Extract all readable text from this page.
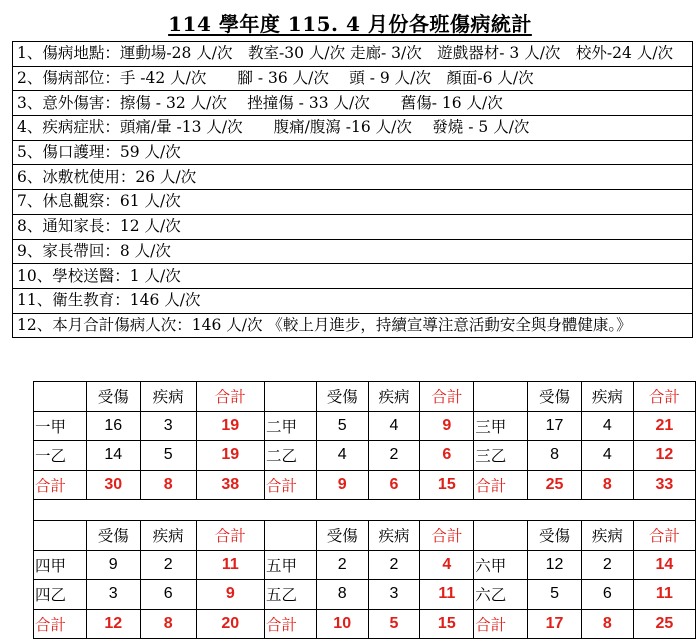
114 學年度 115. 4 月份各班傷病統計
1、傷病地點：運動場-28 人/次　教室-30 人/次 走廊- 3/次　遊戲器材- 3 人/次　校外-24 人/次
2、傷病部位：手 -42 人/次　　腳 - 36 人/次　 頭 - 9 人/次　顏面-6 人/次
3、意外傷害：擦傷 - 32 人/次　 挫撞傷 - 33 人/次　　舊傷- 16 人/次
4、疾病症狀：頭痛/暈 -13 人/次　　腹痛/腹瀉 -16 人/次　 發燒 - 5 人/次
5、傷口護理：59 人/次
6、冰敷枕使用：26 人/次
7、休息觀察：61 人/次
8、通知家長：12 人/次
9、家長帶回：8 人/次
10、學校送醫：1 人/次
11、衛生教育：146 人/次
12、本月合計傷病人次：146 人/次 《較上月進步，持續宣導注意活動安全與身體健康。》
	受傷	疾病	合計		受傷	疾病	合計		受傷	疾病	合計
一甲	16	3	19	二甲	5	4	9	三甲	17	4	21
一乙	14	5	19	二乙	4	2	6	三乙	8	4	12
合計	30	8	38	合計	9	6	15	合計	25	8	33

	受傷	疾病	合計		受傷	疾病	合計		受傷	疾病	合計
四甲	9	2	11	五甲	2	2	4	六甲	12	2	14
四乙	3	6	9	五乙	8	3	11	六乙	5	6	11
合計	12	8	20	合計	10	5	15	合計	17	8	25
